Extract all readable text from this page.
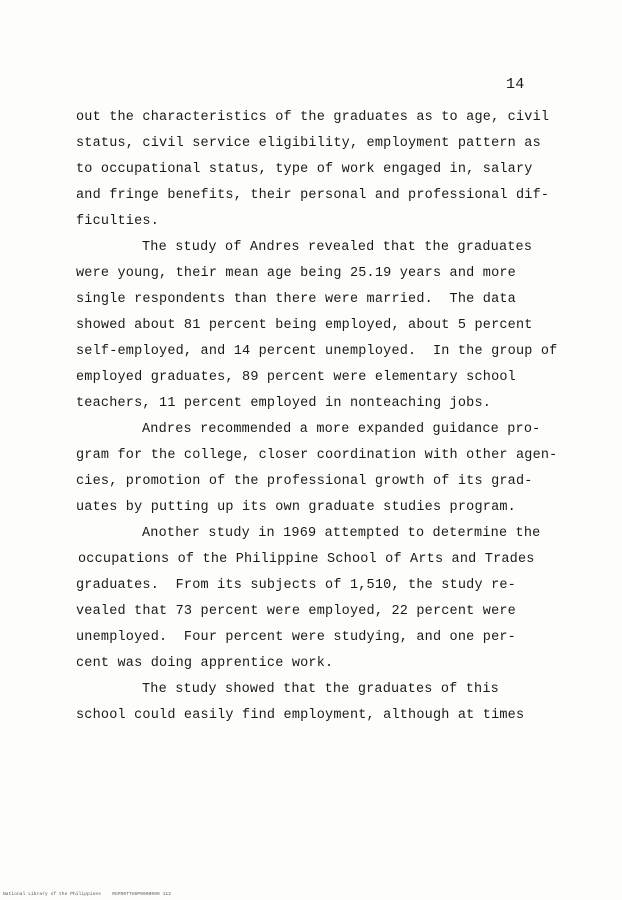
14
out the characteristics of the graduates as to age, civil
status, civil service eligibility, employment pattern as
to occupational status, type of work engaged in, salary
and fringe benefits, their personal and professional dif-
ficulties.
The study of Andres revealed that the graduates
were young, their mean age being 25.19 years and more
single respondents than there were married.  The data
showed about 81 percent being employed, about 5 percent
self-employed, and 14 percent unemployed.  In the group of
employed graduates, 89 percent were elementary school
teachers, 11 percent employed in nonteaching jobs.
Andres recommended a more expanded guidance pro-
gram for the college, closer coordination with other agen-
cies, promotion of the professional growth of its grad-
uates by putting up its own graduate studies program.
Another study in 1969 attempted to determine the
occupations of the Philippine School of Arts and Trades
graduates.  From its subjects of 1,510, the study re-
vealed that 73 percent were employed, 22 percent were
unemployed.  Four percent were studying, and one per-
cent was doing apprentice work.
The study showed that the graduates of this
school could easily find employment, although at times
National Library of the Philippines    RGPO0TTHSP0000000 112
